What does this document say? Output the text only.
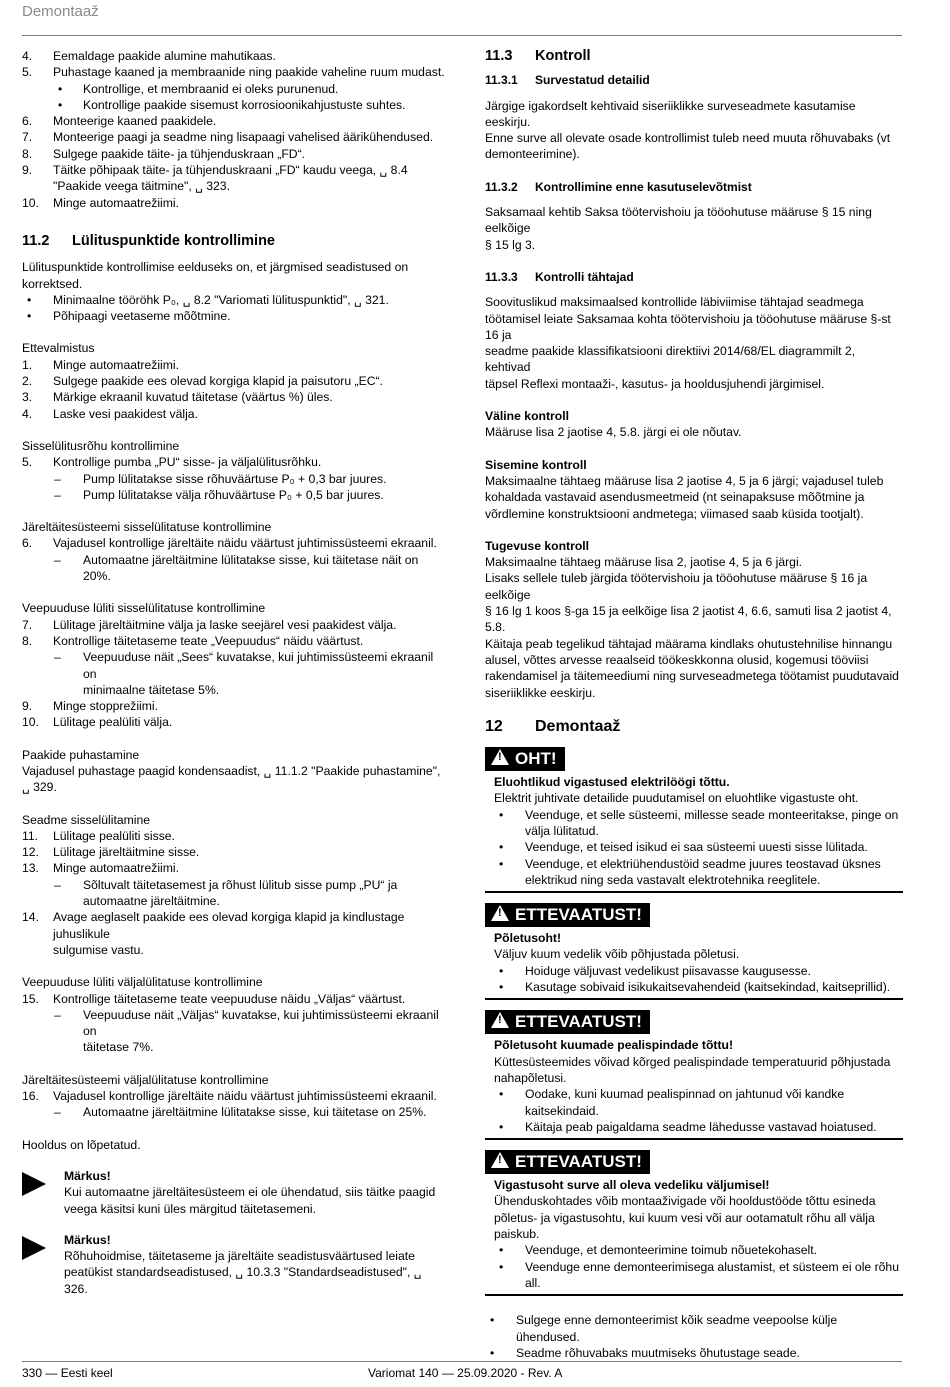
Demontaaž
4. Eemaldage paakide alumine mahutikaas.
5. Puhastage kaaned ja membraanide ning paakide vaheline ruum mudast.
• Kontrollige, et membraanid ei oleks purunenud.
• Kontrollige paakide sisemust korrosioonikahjustuste suhtes.
6. Monteerige kaaned paakidele.
7. Monteerige paagi ja seadme ning lisapaagi vahelised äärikühendused.
8. Sulgege paakide täite- ja tühjenduskraan „FD“.
9. Täitke põhipaak täite- ja tühjenduskraani „FD“ kaudu veega, ␣ 8.4
"Paakide veega täitmine", ␣ 323.
10. Minge automaatrežiimi.
11.2 Lülituspunktide kontrollimine
Lülituspunktide kontrollimise eelduseks on, et järgmised seadistused on
korrektsed.
• Minimaalne tööröhk P₀, ␣ 8.2 "Variomati lülituspunktid", ␣ 321.
• Põhipaagi veetaseme mõõtmine.
Ettevalmistus
1. Minge automaatrežiimi.
2. Sulgege paakide ees olevad korgiga klapid ja paisutoru „EC“.
3. Märkige ekraanil kuvatud täitetase (väärtus %) üles.
4. Laske vesi paakidest välja.
Sisselülitusrõhu kontrollimine
5. Kontrollige pumba „PU“ sisse- ja väljalülitusrõhku.
– Pump lülitatakse sisse rõhuväärtuse P₀ + 0,3 bar juures.
– Pump lülitatakse välja rõhuväärtuse P₀ + 0,5 bar juures.
Järeltäitesüsteemi sisselülitatuse kontrollimine
6. Vajadusel kontrollige järeltäite näidu väärtust juhtimissüsteemi ekraanil.
– Automaatne järeltäitmine lülitatakse sisse, kui täitetase näit on
20%.
Veepuuduse lüliti sisselülitatuse kontrollimine
7. Lülitage järeltäitmine välja ja laske seejärel vesi paakidest välja.
8. Kontrollige täitetaseme teate „Veepuudus“ näidu väärtust.
– Veepuuduse näit „Sees“ kuvatakse, kui juhtimissüsteemi ekraanil on
minimaalne täitetase 5%.
9. Minge stopprežiimi.
10. Lülitage pealüliti välja.
Paakide puhastamine
Vajadusel puhastage paagid kondensaadist, ␣ 11.1.2 "Paakide puhastamine",
␣ 329.
Seadme sisselülitamine
11. Lülitage pealüliti sisse.
12. Lülitage järeltäitmine sisse.
13. Minge automaatrežiimi.
– Sõltuvalt täitetasemest ja rõhust lülitub sisse pump „PU“ ja
automaatne järeltäitmine.
14. Avage aeglaselt paakide ees olevad korgiga klapid ja kindlustage juhuslikule
sulgumise vastu.
Veepuuduse lüliti väljalülitatuse kontrollimine
15. Kontrollige täitetaseme teate veepuuduse näidu „Väljas“ väärtust.
– Veepuuduse näit „Väljas“ kuvatakse, kui juhtimissüsteemi ekraanil on
täitetase 7%.
Järeltäitesüsteemi väljalülitatuse kontrollimine
16. Vajadusel kontrollige järeltäite näidu väärtust juhtimissüsteemi ekraanil.
– Automaatne järeltäitmine lülitatakse sisse, kui täitetase on 25%.
Hooldus on lõpetatud.
Märkus!
Kui automaatne järeltäitesüsteem ei ole ühendatud, siis täitke paagid
veega käsitsi kuni üles märgitud täitetasemeni.
Märkus!
Rõhuhoidmise, täitetaseme ja järeltäite seadistusväärtused leiate
peatükist standardseadistused, ␣ 10.3.3 "Standardseadistused", ␣ 326.
11.3 Kontroll
11.3.1 Survestatud detailid
Järgige igakordselt kehtivaid siseriiklikke surveseadmete kasutamise eeskirju.
Enne surve all olevate osade kontrollimist tuleb need muuta rõhuvabaks (vt
demonteerimine).
11.3.2 Kontrollimine enne kasutuselevõtmist
Saksamaal kehtib Saksa töötervishoiu ja tööohutuse määruse § 15 ning eelkõige
§ 15 lg 3.
11.3.3 Kontrolli tähtajad
Soovituslikud maksimaalsed kontrollide läbiviimise tähtajad seadmega
töötamisel leiate Saksamaa kohta töötervishoiu ja tööohutuse määruse §-st 16 ja
seadme paakide klassifikatsiooni direktiivi 2014/68/EL diagrammilt 2, kehtivad
täpsel Reflexi montaaži-, kasutus- ja hooldusjuhendi järgimisel.
Väline kontroll
Määruse lisa 2 jaotise 4, 5.8. järgi ei ole nõutav.
Sisemine kontroll
Maksimaalne tähtaeg määruse lisa 2 jaotise 4, 5 ja 6 järgi; vajadusel tuleb
kohaldada vastavaid asendusmeetmeid (nt seinapaksuse mõõtmine ja
võrdlemine konstruktsiooni andmetega; viimased saab küsida tootjalt).
Tugevuse kontroll
Maksimaalne tähtaeg määruse lisa 2, jaotise 4, 5 ja 6 järgi.
Lisaks sellele tuleb järgida töötervishoiu ja tööohutuse määruse § 16 ja eelkõige
§ 16 lg 1 koos §-ga 15 ja eelkõige lisa 2 jaotist 4, 6.6, samuti lisa 2 jaotist 4, 5.8.
Käitaja peab tegelikud tähtajad määrama kindlaks ohutustehnilise hinnangu
alusel, võttes arvesse reaalseid töökeskkonna olusid, kogemusi tööviisi
rakendamisel ja täitemeediumi ning surveseadmetega töötamist puudutavaid
siseriiklikke eeskirju.
12 Demontaaž
!OHT!
Eluohtlikud vigastused elektrilöögi tõttu.
Elektrit juhtivate detailide puudutamisel on eluohtlike vigastuste oht.
• Veenduge, et selle süsteemi, millesse seade monteeritakse, pinge on
välja lülitatud.
• Veenduge, et teised isikud ei saa süsteemi uuesti sisse lülitada.
• Veenduge, et elektriühendustöid seadme juures teostavad üksnes
elektrikud ning seda vastavalt elektrotehnika reeglitele.
!ETTEVAATUST!
Põletusoht!
Väljuv kuum vedelik võib põhjustada põletusi.
• Hoiduge väljuvast vedelikust piisavasse kaugusesse.
• Kasutage sobivaid isikukaitsevahendeid (kaitsekindad, kaitseprillid).
!ETTEVAATUST!
Põletusoht kuumade pealispindade tõttu!
Küttesüsteemides võivad kõrged pealispindade temperatuurid põhjustada
nahapõletusi.
• Oodake, kuni kuumad pealispinnad on jahtunud või kandke
kaitsekindaid.
• Käitaja peab paigaldama seadme lähedusse vastavad hoiatused.
!ETTEVAATUST!
Vigastusoht surve all oleva vedeliku väljumisel!
Ühenduskohtades võib montaaživigade või hooldustööde tõttu esineda
põletus- ja vigastusohtu, kui kuum vesi või aur ootamatult rõhu all välja
paiskub.
• Veenduge, et demonteerimine toimub nõuetekohaselt.
• Veenduge enne demonteerimisega alustamist, et süsteem ei ole rõhu
all.
• Sulgege enne demonteerimist kõik seadme veepoolse külje ühendused.
• Seadme rõhuvabaks muutmiseks õhutustage seade.
330 — Eesti keel	Variomat 140 — 25.09.2020 - Rev. A
